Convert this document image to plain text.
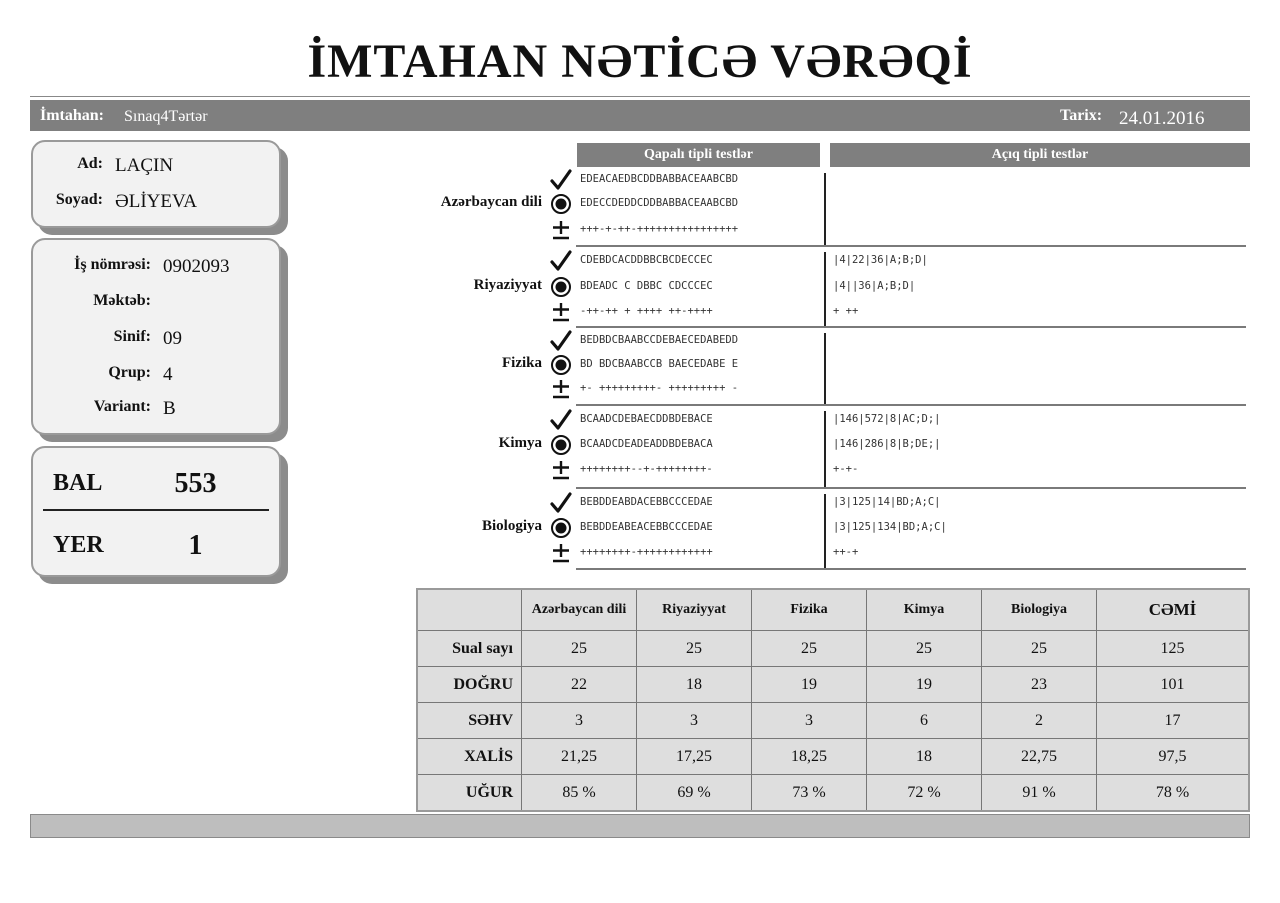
İMTAHAN NƏTİCƏ VƏRƏQİ
İmtahan: Sınaq4Tərtər	Tarix: 24.01.2016
Ad: LAÇIN
Soyad: ƏLİYEVA
İş nömrəsi: 0902093
Məktəb:
Sinif: 09
Qrup: 4
Variant: B
BAL	553
YER	1
Qapalı tipli testlər	Açıq tipli testlər
Azərbaycan dili
EDEACAEDBCDDBABBACEAABCBD
EDECCDEDDCDDBABBACEAABCBD
+++-+-++-++++++++++++++++
Riyaziyyat
CDEBDCACDDBBCBCDECCEC	|4|22|36|A;B;D|
BDEADC C DBBC CDCCCEC	|4||36|A;B;D|
-++-++ + ++++ ++-++++	+ ++
Fizika
BEDBDCBAABCCDEBAECEDABEDD
BD BDCBAABCCB BAECEDABE E
+- +++++++++- +++++++++ -
Kimya
BCAADCDEBAECDDBDEBACE	|146|572|8|AC;D;|
BCAADCDEADEADDBDEBACA	|146|286|8|B;DE;|
++++++++--+-++++++++-	+-+-
Biologiya
BEBDDEABDACEBBCCCEDAE	|3|125|14|BD;A;C|
BEBDDEABEACEBBCCCEDAE	|3|125|134|BD;A;C|
++++++++-++++++++++++	++-+
	Azərbaycan dili	Riyaziyyat	Fizika	Kimya	Biologiya	CƏMİ
Sual sayı	25	25	25	25	25	125
DOĞRU	22	18	19	19	23	101
SƏHV	3	3	3	6	2	17
XALİS	21,25	17,25	18,25	18	22,75	97,5
UĞUR	85 %	69 %	73 %	72 %	91 %	78 %
